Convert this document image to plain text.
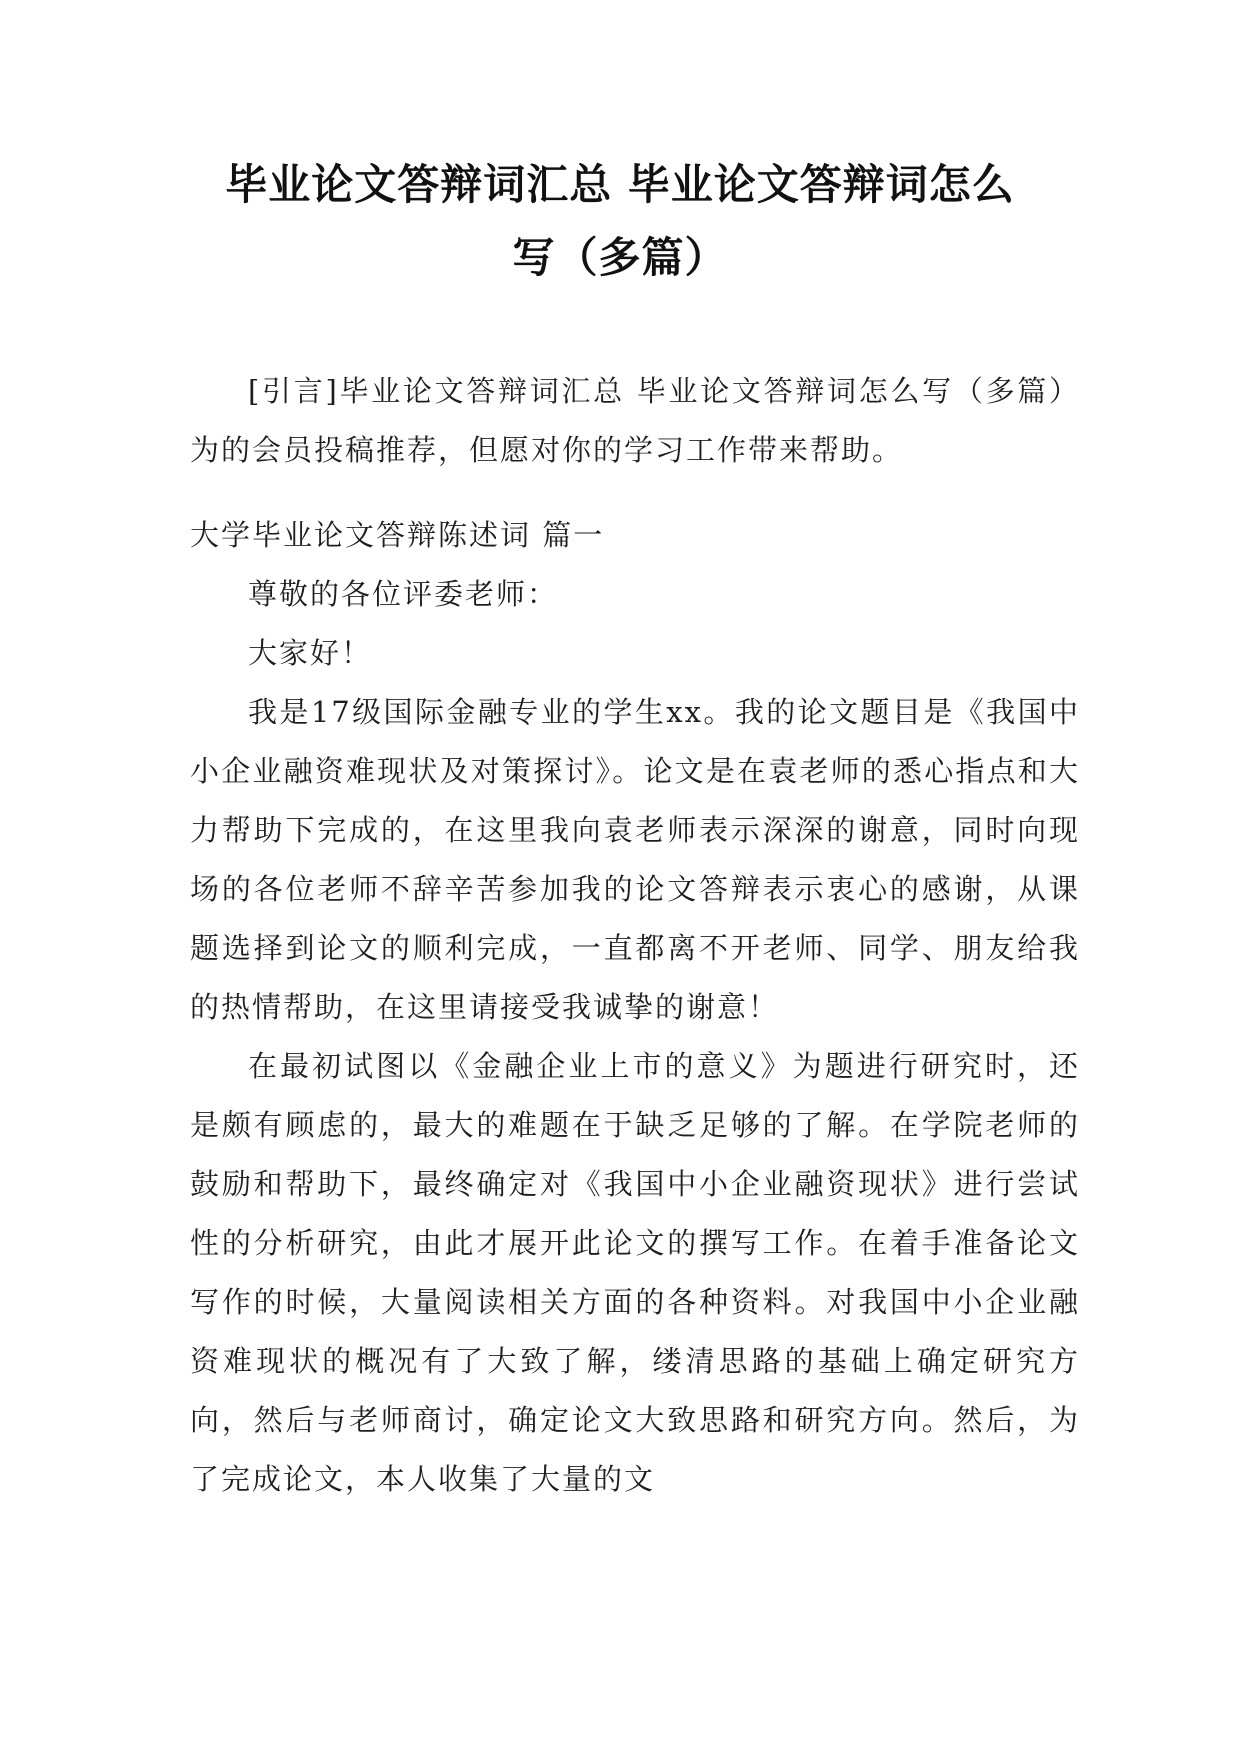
毕业论文答辩词汇总 毕业论文答辩词怎么
写（多篇）

[引言]毕业论文答辩词汇总 毕业论文答辩词怎么写（多篇）为的会员投稿推荐，但愿对你的学习工作带来帮助。

大学毕业论文答辩陈述词 篇一

尊敬的各位评委老师：

大家好！

我是17级国际金融专业的学生xx。我的论文题目是《我国中小企业融资难现状及对策探讨》。论文是在袁老师的悉心指点和大力帮助下完成的，在这里我向袁老师表示深深的谢意，同时向现场的各位老师不辞辛苦参加我的论文答辩表示衷心的感谢，从课题选择到论文的顺利完成，一直都离不开老师、同学、朋友给我的热情帮助，在这里请接受我诚挚的谢意！

在最初试图以《金融企业上市的意义》为题进行研究时，还是颇有顾虑的，最大的难题在于缺乏足够的了解。在学院老师的鼓励和帮助下，最终确定对《我国中小企业融资现状》进行尝试性的分析研究，由此才展开此论文的撰写工作。在着手准备论文写作的时候，大量阅读相关方面的各种资料。对我国中小企业融资难现状的概况有了大致了解，缕清思路的基础上确定研究方向，然后与老师商讨，确定论文大致思路和研究方向。然后，为了完成论文，本人收集了大量的文
